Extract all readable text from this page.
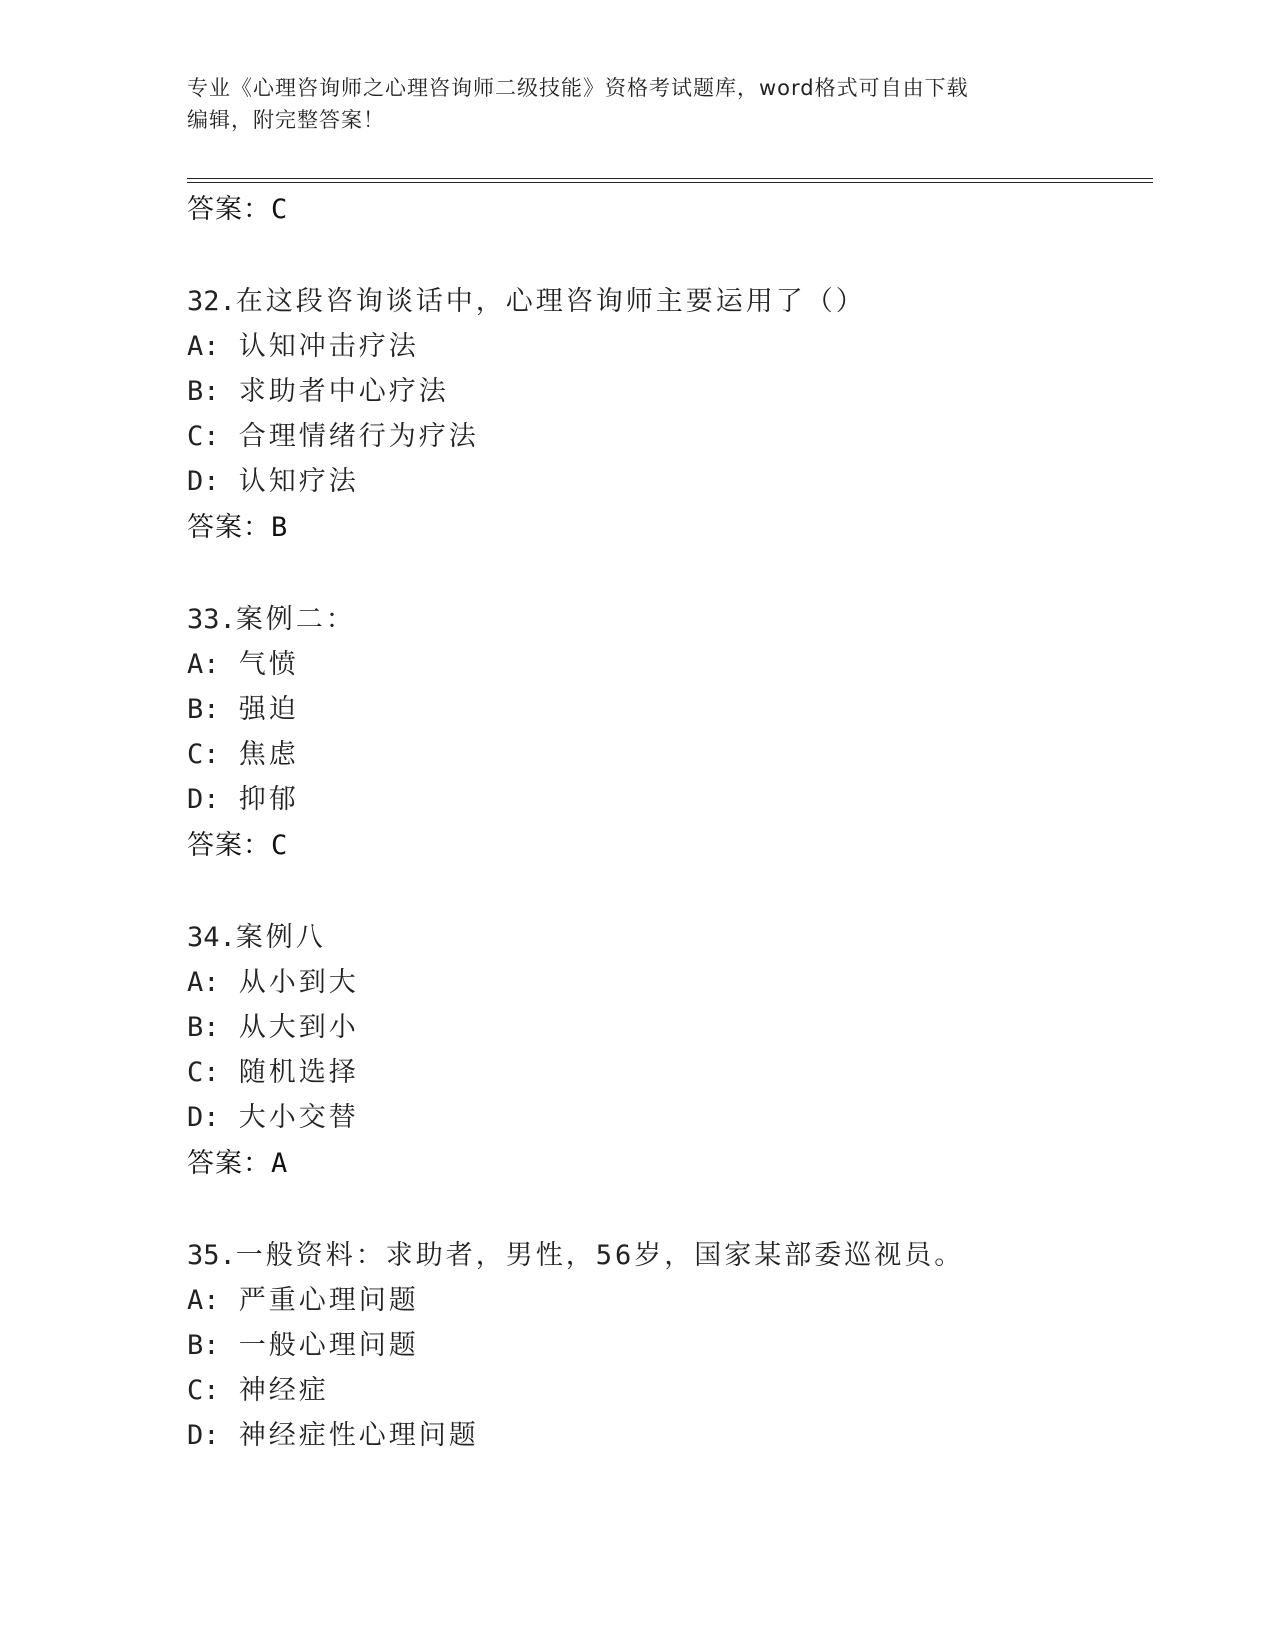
专业《心理咨询师之心理咨询师二级技能》资格考试题库，word格式可自由下载
编辑，附完整答案！
答案：C
32.在这段咨询谈话中，心理咨询师主要运用了（）
A: 认知冲击疗法
B: 求助者中心疗法
C: 合理情绪行为疗法
D: 认知疗法
答案：B
33.案例二：
A: 气愤
B: 强迫
C: 焦虑
D: 抑郁
答案：C
34.案例八
A: 从小到大
B: 从大到小
C: 随机选择
D: 大小交替
答案：A
35.一般资料：求助者，男性，56岁，国家某部委巡视员。
A: 严重心理问题
B: 一般心理问题
C: 神经症
D: 神经症性心理问题
